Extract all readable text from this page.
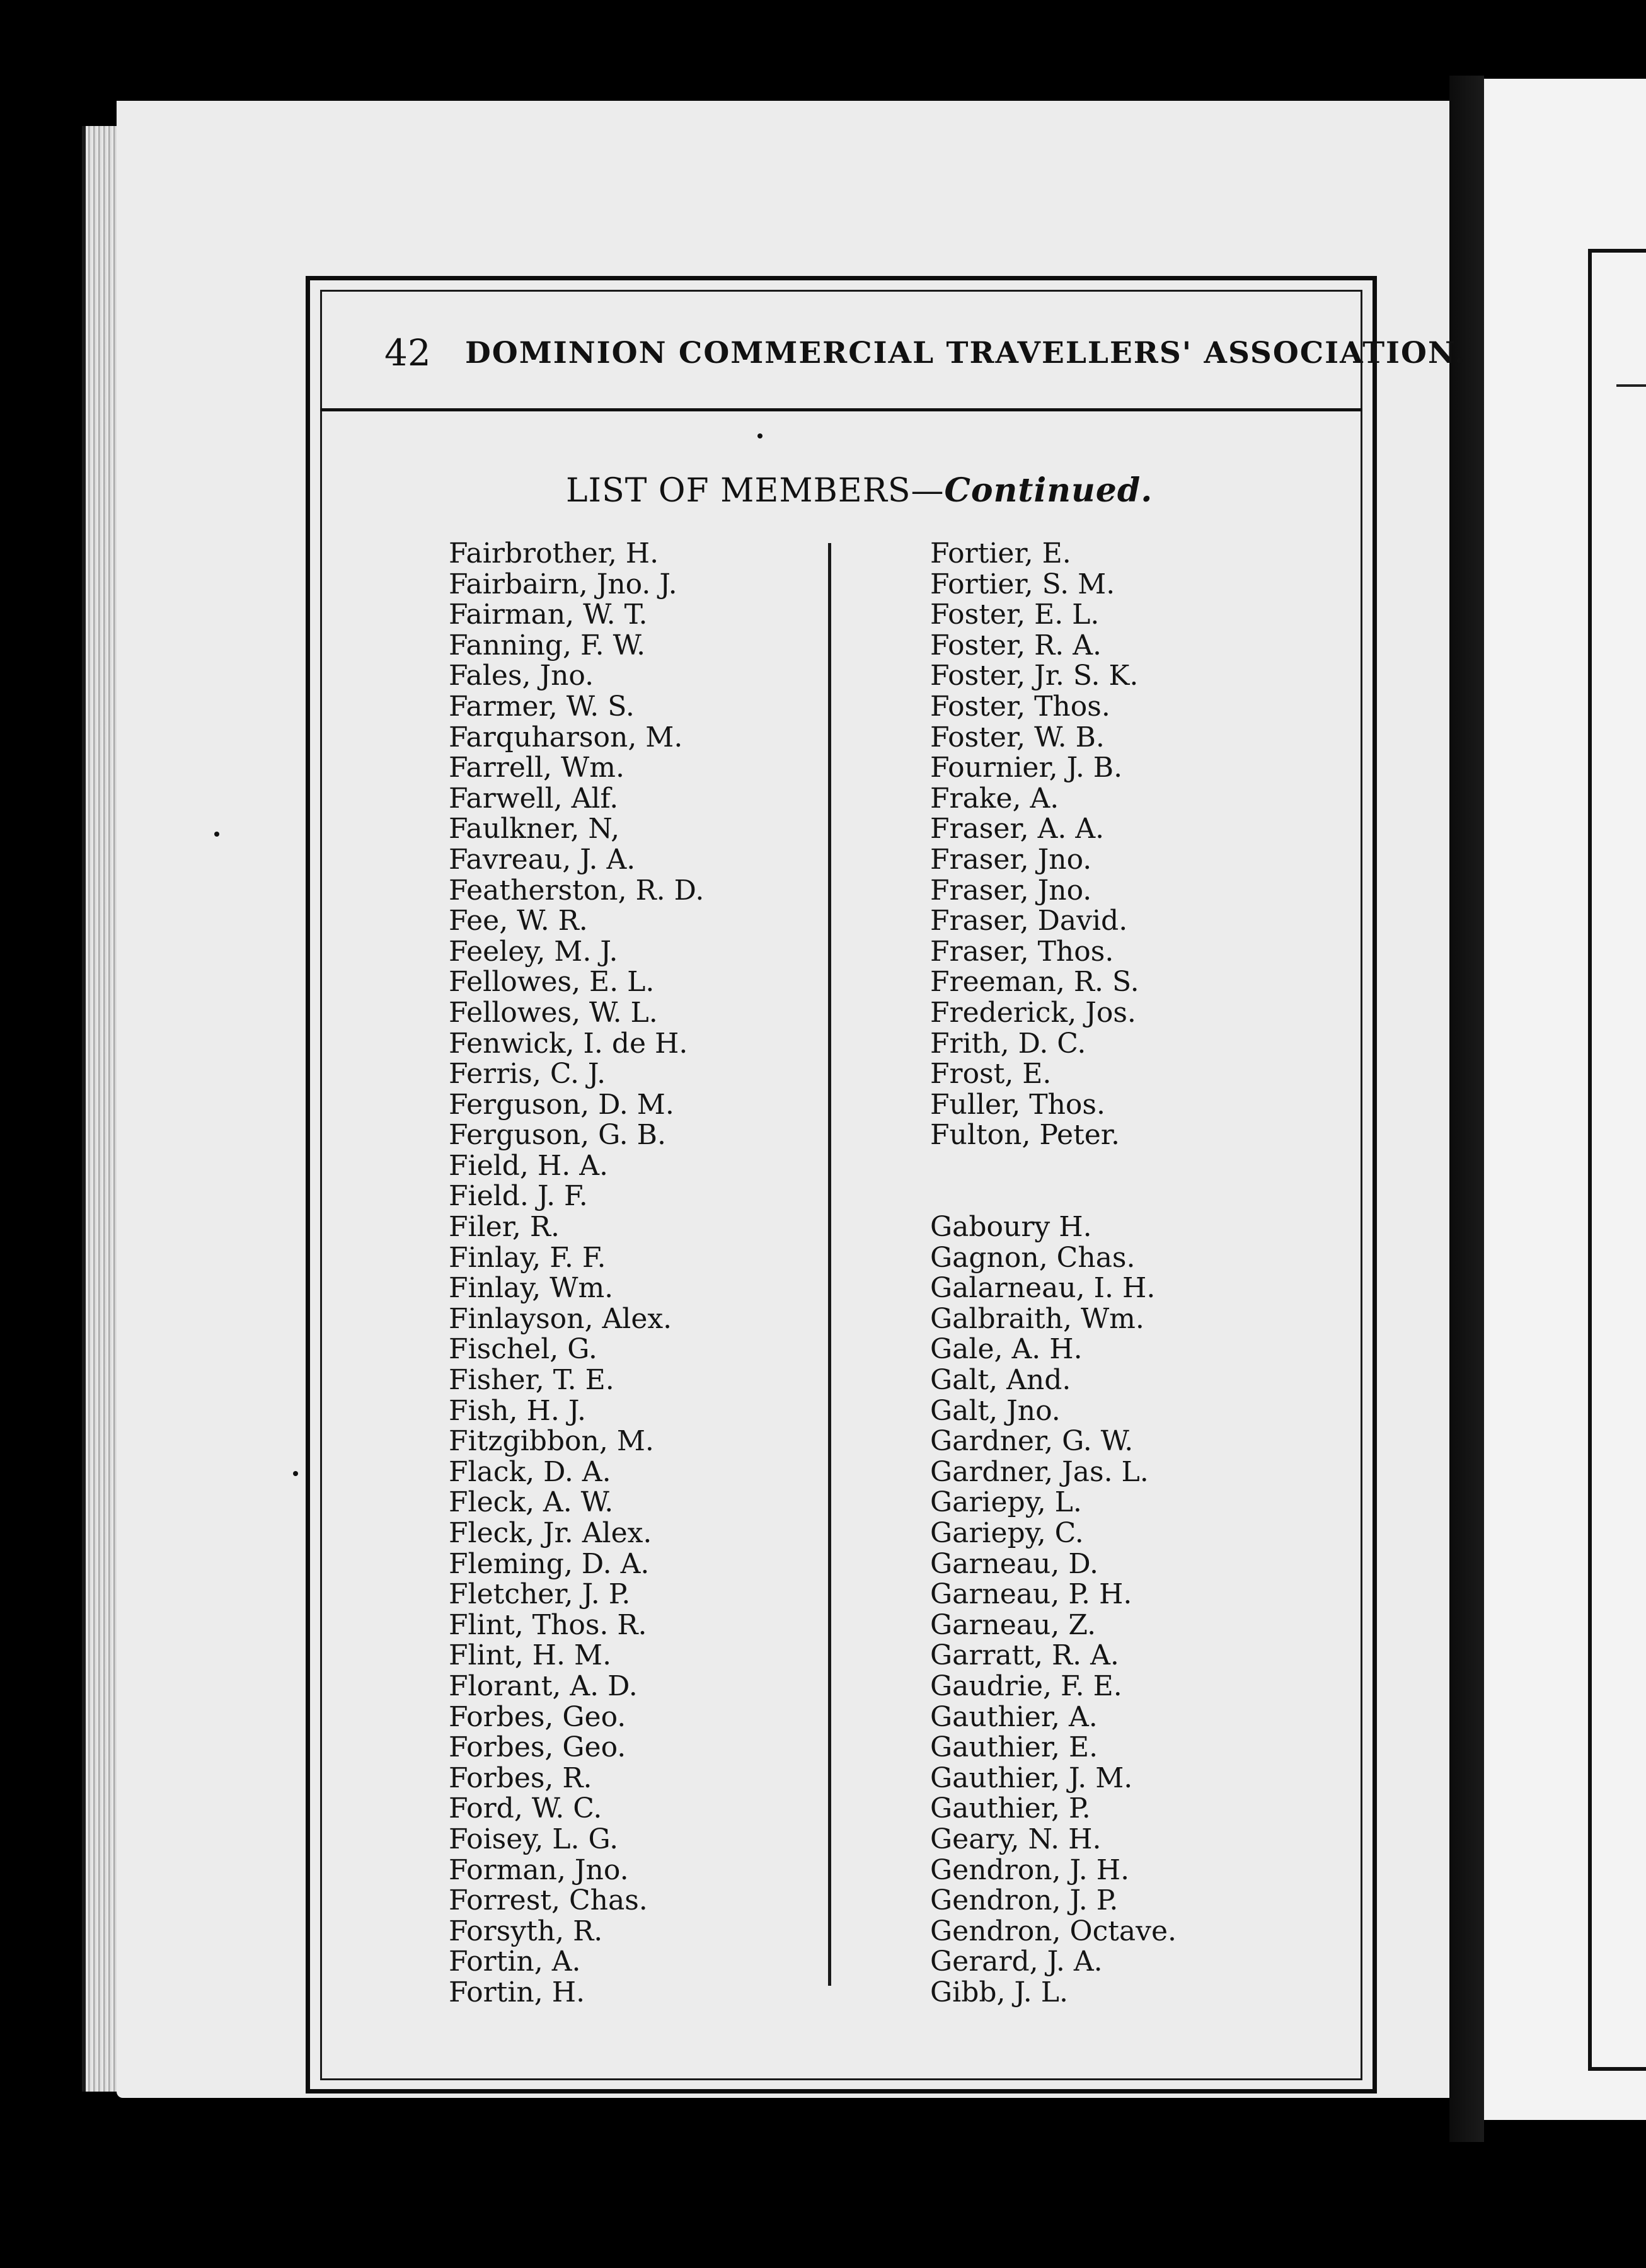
42 DOMINION COMMERCIAL TRAVELLERS' ASSOCIATION.
LIST OF MEMBERS—Continued.
Fairbrother, H.
Fairbairn, Jno. J.
Fairman, W. T.
Fanning, F. W.
Fales, Jno.
Farmer, W. S.
Farquharson, M.
Farrell, Wm.
Farwell, Alf.
Faulkner, N,
Favreau, J. A.
Featherston, R. D.
Fee, W. R.
Feeley, M. J.
Fellowes, E. L.
Fellowes, W. L.
Fenwick, I. de H.
Ferris, C. J.
Ferguson, D. M.
Ferguson, G. B.
Field, H. A.
Field. J. F.
Filer, R.
Finlay, F. F.
Finlay, Wm.
Finlayson, Alex.
Fischel, G.
Fisher, T. E.
Fish, H. J.
Fitzgibbon, M.
Flack, D. A.
Fleck, A. W.
Fleck, Jr. Alex.
Fleming, D. A.
Fletcher, J. P.
Flint, Thos. R.
Flint, H. M.
Florant, A. D.
Forbes, Geo.
Forbes, Geo.
Forbes, R.
Ford, W. C.
Foisey, L. G.
Forman, Jno.
Forrest, Chas.
Forsyth, R.
Fortin, A.
Fortin, H.
Fortier, E.
Fortier, S. M.
Foster, E. L.
Foster, R. A.
Foster, Jr. S. K.
Foster, Thos.
Foster, W. B.
Fournier, J. B.
Frake, A.
Fraser, A. A.
Fraser, Jno.
Fraser, Jno.
Fraser, David.
Fraser, Thos.
Freeman, R. S.
Frederick, Jos.
Frith, D. C.
Frost, E.
Fuller, Thos.
Fulton, Peter.
Gaboury H.
Gagnon, Chas.
Galarneau, I. H.
Galbraith, Wm.
Gale, A. H.
Galt, And.
Galt, Jno.
Gardner, G. W.
Gardner, Jas. L.
Gariepy, L.
Gariepy, C.
Garneau, D.
Garneau, P. H.
Garneau, Z.
Garratt, R. A.
Gaudrie, F. E.
Gauthier, A.
Gauthier, E.
Gauthier, J. M.
Gauthier, P.
Geary, N. H.
Gendron, J. H.
Gendron, J. P.
Gendron, Octave.
Gerard, J. A.
Gibb, J. L.
